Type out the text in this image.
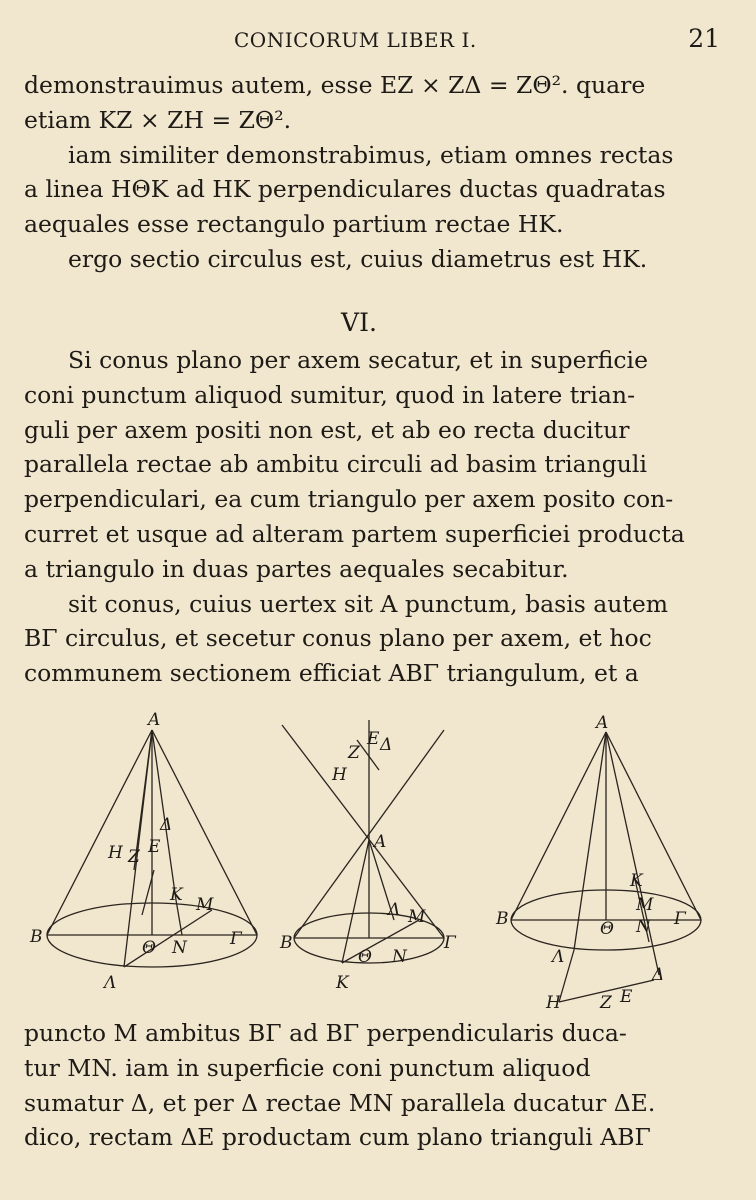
CONICORUM LIBER I.	21
demonstrauimus autem, esse EZ × ZΔ = ZΘ². quare
etiam KZ × ZH = ZΘ².
iam similiter demonstrabimus, etiam omnes rectas
a linea HΘK ad HK perpendiculares ductas quadratas
aequales esse rectangulo partium rectae HK.
ergo sectio circulus est, cuius diametrus est HK.
VI.
Si conus plano per axem secatur, et in superficie
coni punctum aliquod sumitur, quod in latere trian-
guli per axem positi non est, et ab eo recta ducitur
parallela rectae ab ambitu circuli ad basim trianguli
perpendiculari, ea cum triangulo per axem posito con-
curret et usque ad alteram partem superficiei producta
a triangulo in duas partes aequales secabitur.
sit conus, cuius uertex sit A punctum, basis autem
BΓ circulus, et secetur conus plano per axem, et hoc
communem sectionem efficiat ABΓ triangulum, et a
A
H Z E
Δ
K M
B
Θ N	Γ
Λ
E Δ
Z
H
A
Λ M
B
Θ N
Γ
K
A
K
M
B	Θ N Γ
Λ
Δ
H Z E
puncto M ambitus BΓ ad BΓ perpendicularis duca-
tur MN. iam in superficie coni punctum aliquod
sumatur Δ, et per Δ rectae MN parallela ducatur ΔE.
dico, rectam ΔE productam cum plano trianguli ABΓ
